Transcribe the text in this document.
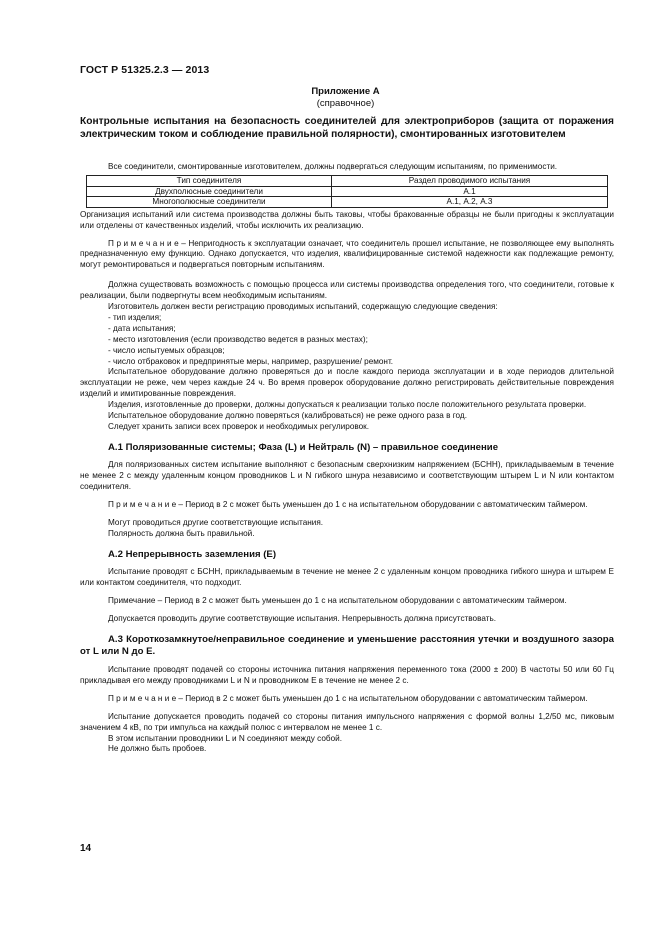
ГОСТ Р 51325.2.3 — 2013
Приложение А
(справочное)
Контрольные испытания на безопасность соединителей для электроприборов (защита от поражения электрическим током и соблюдение правильной полярности), смонтированных изготовителем

Все соединители, смонтированные изготовителем, должны подвергаться следующим испытаниям, по применимости.

Тип соединителя	Раздел проводимого испытания
Двухполюсные соединители	А.1
Многополюсные соединители	А.1, А.2, А.3

Организация испытаний или система производства должны быть таковы, чтобы бракованные образцы не были пригодны к эксплуатации или отделены от качественных изделий, чтобы исключить их реализацию.

П р и м е ч а н и е – Непригодность к эксплуатации означает, что соединитель прошел испытание, не позволяющее ему выполнять предназначенную ему функцию. Однако допускается, что изделия, квалифицированные системой надежности как подлежащие ремонту, могут ремонтироваться и подвергаться повторным испытаниям.

Должна существовать возможность с помощью процесса или системы производства определения того, что соединители, готовые к реализации, были подвергнуты всем необходимым испытаниям.

Изготовитель должен вести регистрацию проводимых испытаний, содержащую следующие сведения:

- тип изделия;

- дата испытания;

- место изготовления (если производство ведется в разных местах);

- число испытуемых образцов;

- число отбраковок и предпринятые меры, например, разрушение/ ремонт.

Испытательное оборудование должно проверяться до и после каждого периода эксплуатации и в ходе периодов длительной эксплуатации не реже, чем через каждые 24 ч. Во время проверок оборудование должно регистрировать действительные повреждения изделий и имитированные повреждения.

Изделия, изготовленные до проверки, должны допускаться к реализации только после положительного результата проверки.

Испытательное оборудование должно поверяться (калиброваться) не реже одного раза в год.

Следует хранить записи всех проверок и необходимых регулировок.

А.1 Поляризованные системы; Фаза (L) и Нейтраль (N) – правильное соединение

Для поляризованных систем испытание выполняют с безопасным сверхнизким напряжением (БСНН), прикладываемым в течение не менее 2 с между удаленным концом проводников L и N гибкого шнура независимо и соответствующим штырем L и N или контактом соединителя.

П р и м е ч а н и е – Период в 2 с может быть уменьшен до 1 с на испытательном оборудовании с автоматическим таймером.

Могут проводиться другие соответствующие испытания.

Полярность должна быть правильной.

А.2 Непрерывность заземления (Е)

Испытание проводят с БСНН, прикладываемым в течение не менее 2 с удаленным концом проводника гибкого шнура и штырем Е или контактом соединителя, что подходит.

Примечание – Период в 2 с может быть уменьшен до 1 с на испытательном оборудовании с автоматическим таймером.

Допускается проводить другие соответствующие испытания. Непрерывность должна присутствовать.

А.3 Короткозамкнутое/неправильное соединение и уменьшение расстояния утечки и воздушного зазора от L или N до Е.

Испытание проводят подачей со стороны источника питания напряжения переменного тока (2000 ± 200) В частоты 50 или 60 Гц прикладывая его между проводниками L и N и проводником Е в течение не менее 2 с.

П р и м е ч а н и е – Период в 2 с может быть уменьшен до 1 с на испытательном оборудовании с автоматическим таймером.

Испытание допускается проводить подачей со стороны питания импульсного напряжения с формой волны 1,2/50 мс, пиковым значением 4 кВ, по три импульса на каждый полюс с интервалом не менее 1 с.

В этом испытании проводники L и N соединяют между собой.

Не должно быть пробоев.

14
